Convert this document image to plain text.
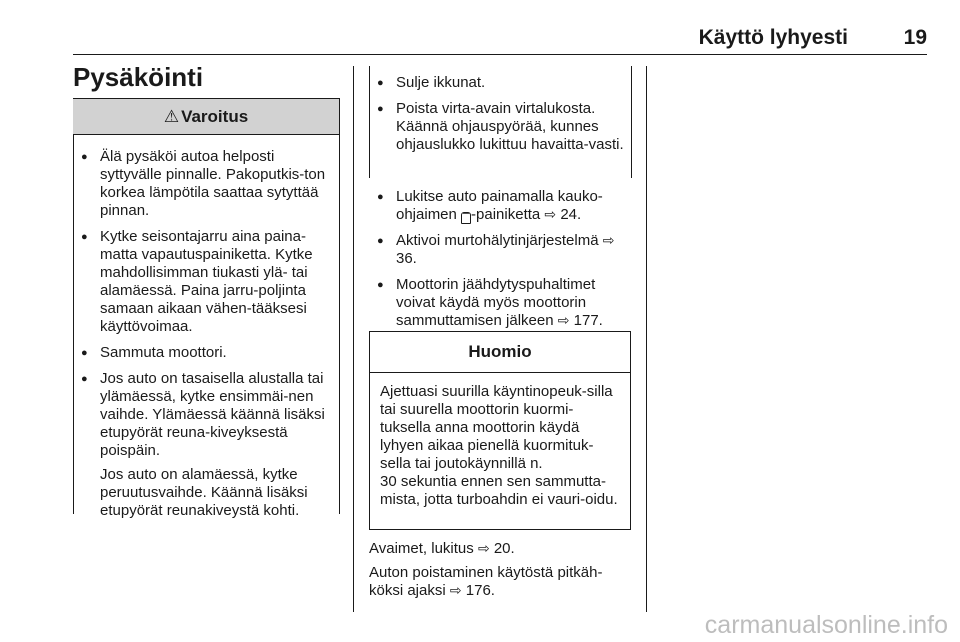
Käyttö lyhyesti	19
Pysäköinti
⚠ Varoitus
● Älä pysäköi autoa helposti syttyvälle pinnalle. Pakoputkis-ton korkea lämpötila saattaa sytyttää pinnan.
● Kytke seisontajarru aina paina-matta vapautuspainiketta. Kytke mahdollisimman tiukasti ylä- tai alamäessä. Paina jarru-poljinta samaan aikaan vähen-tääksesi käyttövoimaa.
● Sammuta moottori.
● Jos auto on tasaisella alustalla tai ylämäessä, kytke ensimmäi-nen vaihde. Ylämäessä käännä lisäksi etupyörät reuna-kiveyksestä poispäin.

Jos auto on alamäessä, kytke peruutusvaihde. Käännä lisäksi etupyörät reunakiveystä kohti.

● Sulje ikkunat.
● Poista virta-avain virtalukosta. Käännä ohjauspyörää, kunnes ohjauslukko lukittuu havaitta-vasti.
● Lukitse auto painamalla kauko-ohjaimen ▔ -painiketta ⇨ 24.
● Aktivoi murtohälytinjärjestelmä ⇨ 36.
● Moottorin jäähdytyspuhaltimet voivat käydä myös moottorin sammuttamisen jälkeen ⇨ 177.
Huomio

Ajettuasi suurilla käyntinopeuk-silla tai suurella moottorin kuormi-tuksella anna moottorin käydä lyhyen aikaa pienellä kuormituk-sella tai joutokäynnillä n.

30 sekuntia ennen sen sammutta-mista, jotta turboahdin ei vauri-oidu.

Avaimet, lukitus ⇨ 20.

Auton poistaminen käytöstä pitkäh-köksi ajaksi ⇨ 176.

carmanualsonline.info
